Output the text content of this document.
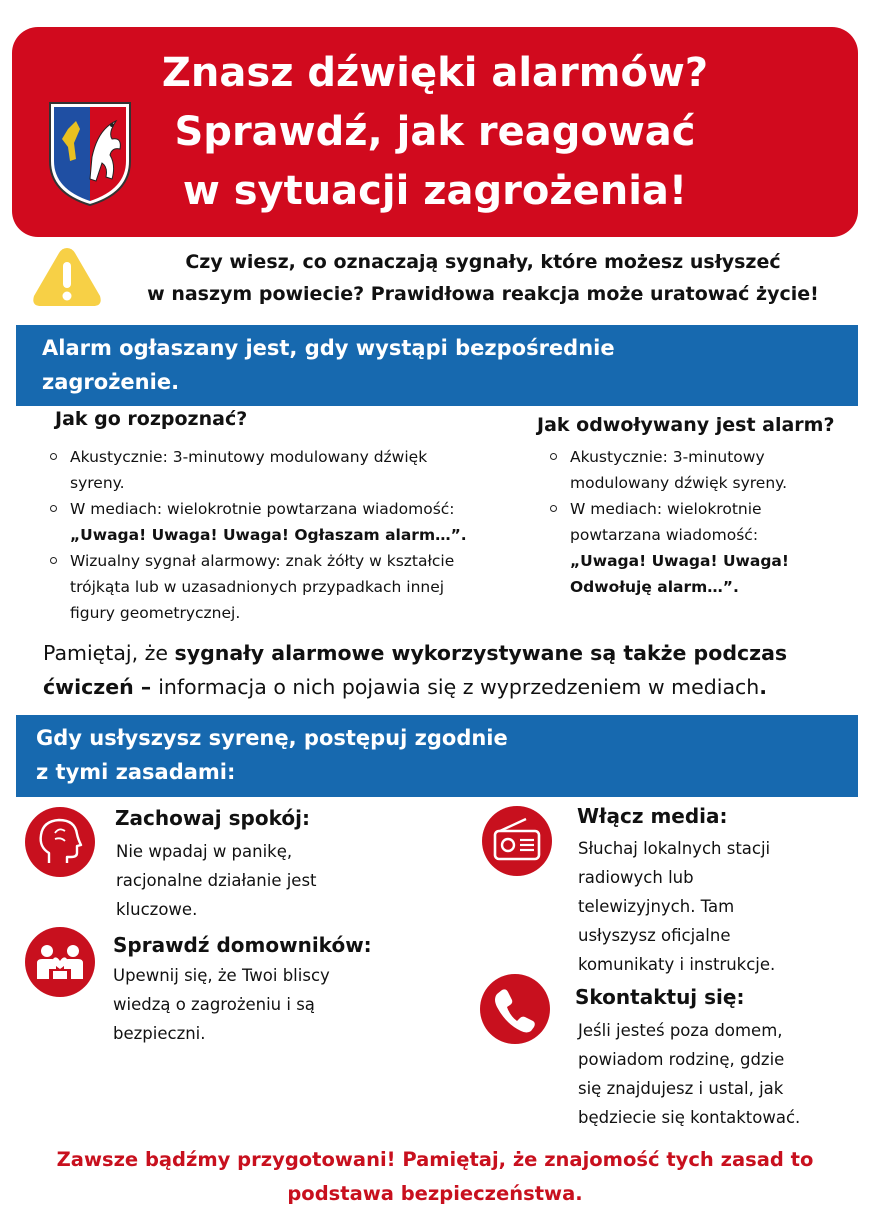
Znasz dźwięki alarmów?
Sprawdź, jak reagować
w sytuacji zagrożenia!
Czy wiesz, co oznaczają sygnały, które możesz usłyszeć
w naszym powiecie? Prawidłowa reakcja może uratować życie!
Alarm ogłaszany jest, gdy wystąpi bezpośrednie
zagrożenie.
Jak go rozpoznać?
Akustycznie: 3-minutowy modulowany dźwięk
syreny.
W mediach: wielokrotnie powtarzana wiadomość:
„Uwaga! Uwaga! Uwaga! Ogłaszam alarm…”.
Wizualny sygnał alarmowy: znak żółty w kształcie
trójkąta lub w uzasadnionych przypadkach innej
figury geometrycznej.
Jak odwoływany jest alarm?
Akustycznie: 3-minutowy
modulowany dźwięk syreny.
W mediach: wielokrotnie
powtarzana wiadomość:
„Uwaga! Uwaga! Uwaga!
Odwołuję alarm…”.
Pamiętaj, że sygnały alarmowe wykorzystywane są także podczas
ćwiczeń – informacja o nich pojawia się z wyprzedzeniem w mediach.
Gdy usłyszysz syrenę, postępuj zgodnie
z tymi zasadami:
Zachowaj spokój:
Nie wpadaj w panikę,
racjonalne działanie jest
kluczowe.
Sprawdź domowników:
Upewnij się, że Twoi bliscy
wiedzą o zagrożeniu i są
bezpieczni.
Włącz media:
Słuchaj lokalnych stacji
radiowych lub
telewizyjnych. Tam
usłyszysz oficjalne
komunikaty i instrukcje.
Skontaktuj się:
Jeśli jesteś poza domem,
powiadom rodzinę, gdzie
się znajdujesz i ustal, jak
będziecie się kontaktować.
Zawsze bądźmy przygotowani! Pamiętaj, że znajomość tych zasad to
podstawa bezpieczeństwa.
